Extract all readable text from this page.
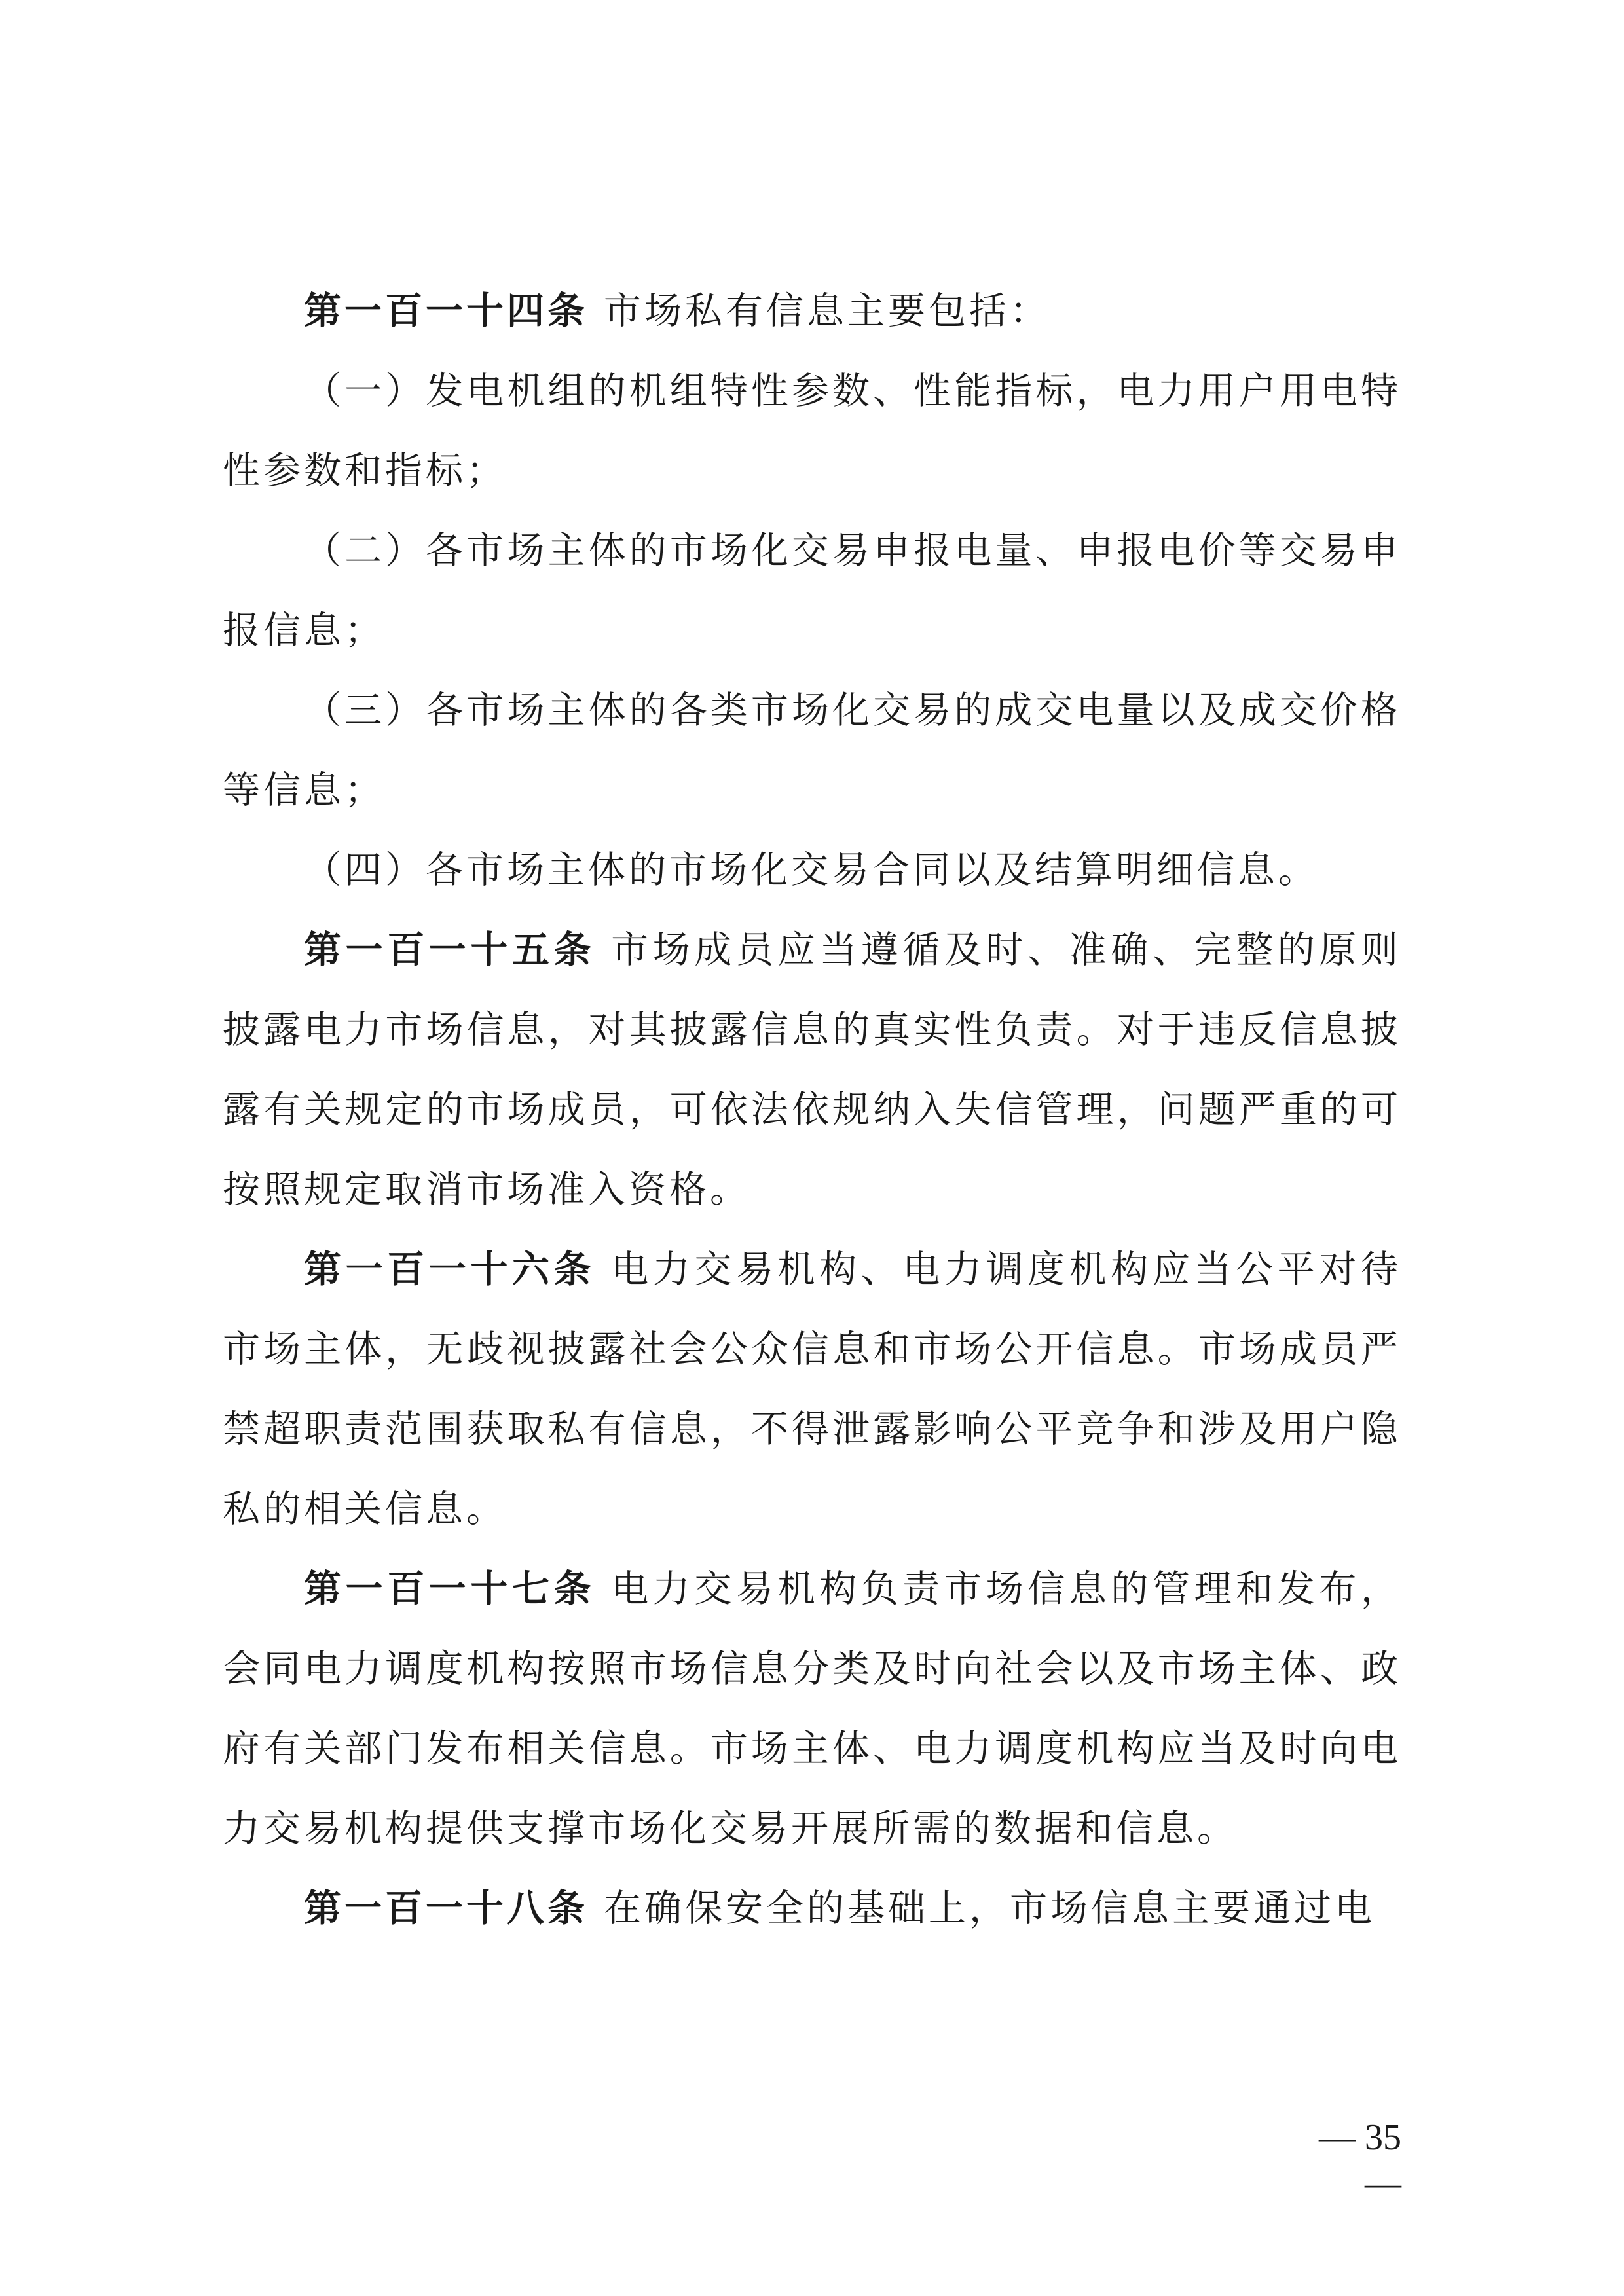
第一百一十四条 市场私有信息主要包括：

（一）发电机组的机组特性参数、性能指标，电力用户用电特性参数和指标；

（二）各市场主体的市场化交易申报电量、申报电价等交易申报信息；

（三）各市场主体的各类市场化交易的成交电量以及成交价格等信息；

（四）各市场主体的市场化交易合同以及结算明细信息。

第一百一十五条 市场成员应当遵循及时、准确、完整的原则披露电力市场信息，对其披露信息的真实性负责。对于违反信息披露有关规定的市场成员，可依法依规纳入失信管理，问题严重的可按照规定取消市场准入资格。

第一百一十六条 电力交易机构、电力调度机构应当公平对待市场主体，无歧视披露社会公众信息和市场公开信息。市场成员严禁超职责范围获取私有信息，不得泄露影响公平竞争和涉及用户隐私的相关信息。

第一百一十七条 电力交易机构负责市场信息的管理和发布，会同电力调度机构按照市场信息分类及时向社会以及市场主体、政府有关部门发布相关信息。市场主体、电力调度机构应当及时向电力交易机构提供支撑市场化交易开展所需的数据和信息。

第一百一十八条 在确保安全的基础上，市场信息主要通过电

— 35—
